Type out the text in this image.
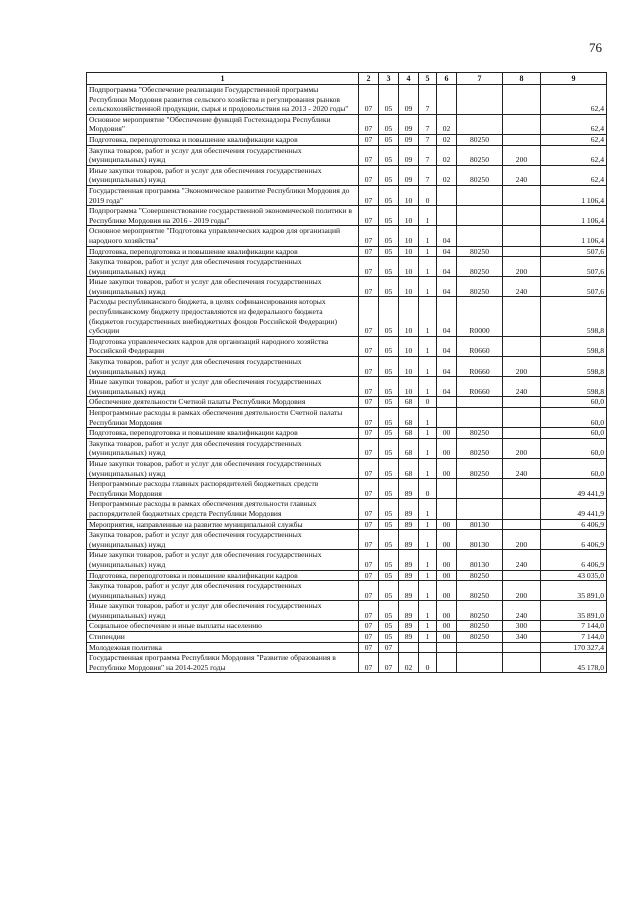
76
1	2	3	4	5	6	7	8	9
Подпрограмма "Обеспечение реализации Государственной программы Республики Мордовия развития сельского хозяйства и регулирования рынков сельскохозяйственной продукции, сырья и продовольствия на 2013 - 2020 годы"	07	05	09	7				62,4
Основное мероприятие "Обеспечение функций Гостехнадзора Республики Мордовия"	07	05	09	7	02			62,4
Подготовка, переподготовка и повышение квалификации кадров	07	05	09	7	02	80250		62,4
Закупка товаров, работ и услуг для обеспечения государственных (муниципальных) нужд	07	05	09	7	02	80250	200	62,4
Иные закупки товаров, работ и услуг для обеспечения государственных (муниципальных) нужд	07	05	09	7	02	80250	240	62,4
Государственная программа "Экономическое развитие Республики Мордовия до 2019 года"	07	05	10	0				1 106,4
Подпрограмма "Совершенствование государственной экономической политики в Республике Мордовия на 2016 - 2019 годы"	07	05	10	1				1 106,4
Основное мероприятие "Подготовка управленческих кадров для организаций народного хозяйства"	07	05	10	1	04			1 106,4
Подготовка, переподготовка и повышение квалификации кадров	07	05	10	1	04	80250		507,6
Закупка товаров, работ и услуг для обеспечения государственных (муниципальных) нужд	07	05	10	1	04	80250	200	507,6
Иные закупки товаров, работ и услуг для обеспечения государственных (муниципальных) нужд	07	05	10	1	04	80250	240	507,6
Расходы республиканского бюджета, в целях софинансирования которых республиканскому бюджету предоставляются из федерального бюджета (бюджетов государственных внебюджетных фондов Российской Федерации) субсидии	07	05	10	1	04	R0000		598,8
Подготовка управленческих кадров для организаций народного хозяйства Российской Федерации	07	05	10	1	04	R0660		598,8
Закупка товаров, работ и услуг для обеспечения государственных (муниципальных) нужд	07	05	10	1	04	R0660	200	598,8
Иные закупки товаров, работ и услуг для обеспечения государственных (муниципальных) нужд	07	05	10	1	04	R0660	240	598,8
Обеспечение деятельности Счетной палаты Республики Мордовия	07	05	68	0				60,0
Непрограммные расходы в рамках обеспечения деятельности Счетной палаты Республики Мордовия	07	05	68	1				60,0
Подготовка, переподготовка и повышение квалификации кадров	07	05	68	1	00	80250		60,0
Закупка товаров, работ и услуг для обеспечения государственных (муниципальных) нужд	07	05	68	1	00	80250	200	60,0
Иные закупки товаров, работ и услуг для обеспечения государственных (муниципальных) нужд	07	05	68	1	00	80250	240	60,0
Непрограммные расходы главных распорядителей бюджетных средств Республики Мордовия	07	05	89	0				49 441,9
Непрограммные расходы в рамках обеспечения деятельности главных распорядителей бюджетных средств Республики Мордовия	07	05	89	1				49 441,9
Мероприятия, направленные на развитие муниципальной службы	07	05	89	1	00	80130		6 406,9
Закупка товаров, работ и услуг для обеспечения государственных (муниципальных) нужд	07	05	89	1	00	80130	200	6 406,9
Иные закупки товаров, работ и услуг для обеспечения государственных (муниципальных) нужд	07	05	89	1	00	80130	240	6 406,9
Подготовка, переподготовка и повышение квалификации кадров	07	05	89	1	00	80250		43 035,0
Закупка товаров, работ и услуг для обеспечения государственных (муниципальных) нужд	07	05	89	1	00	80250	200	35 891,0
Иные закупки товаров, работ и услуг для обеспечения государственных (муниципальных) нужд	07	05	89	1	00	80250	240	35 891,0
Социальное обеспечение и иные выплаты населению	07	05	89	1	00	80250	300	7 144,0
Стипендии	07	05	89	1	00	80250	340	7 144,0
Молодежная политика	07	07						170 327,4
Государственная программа Республики Мордовия "Развитие образования в Республике Мордовия" на 2014-2025 годы	07	07	02	0				45 178,0
